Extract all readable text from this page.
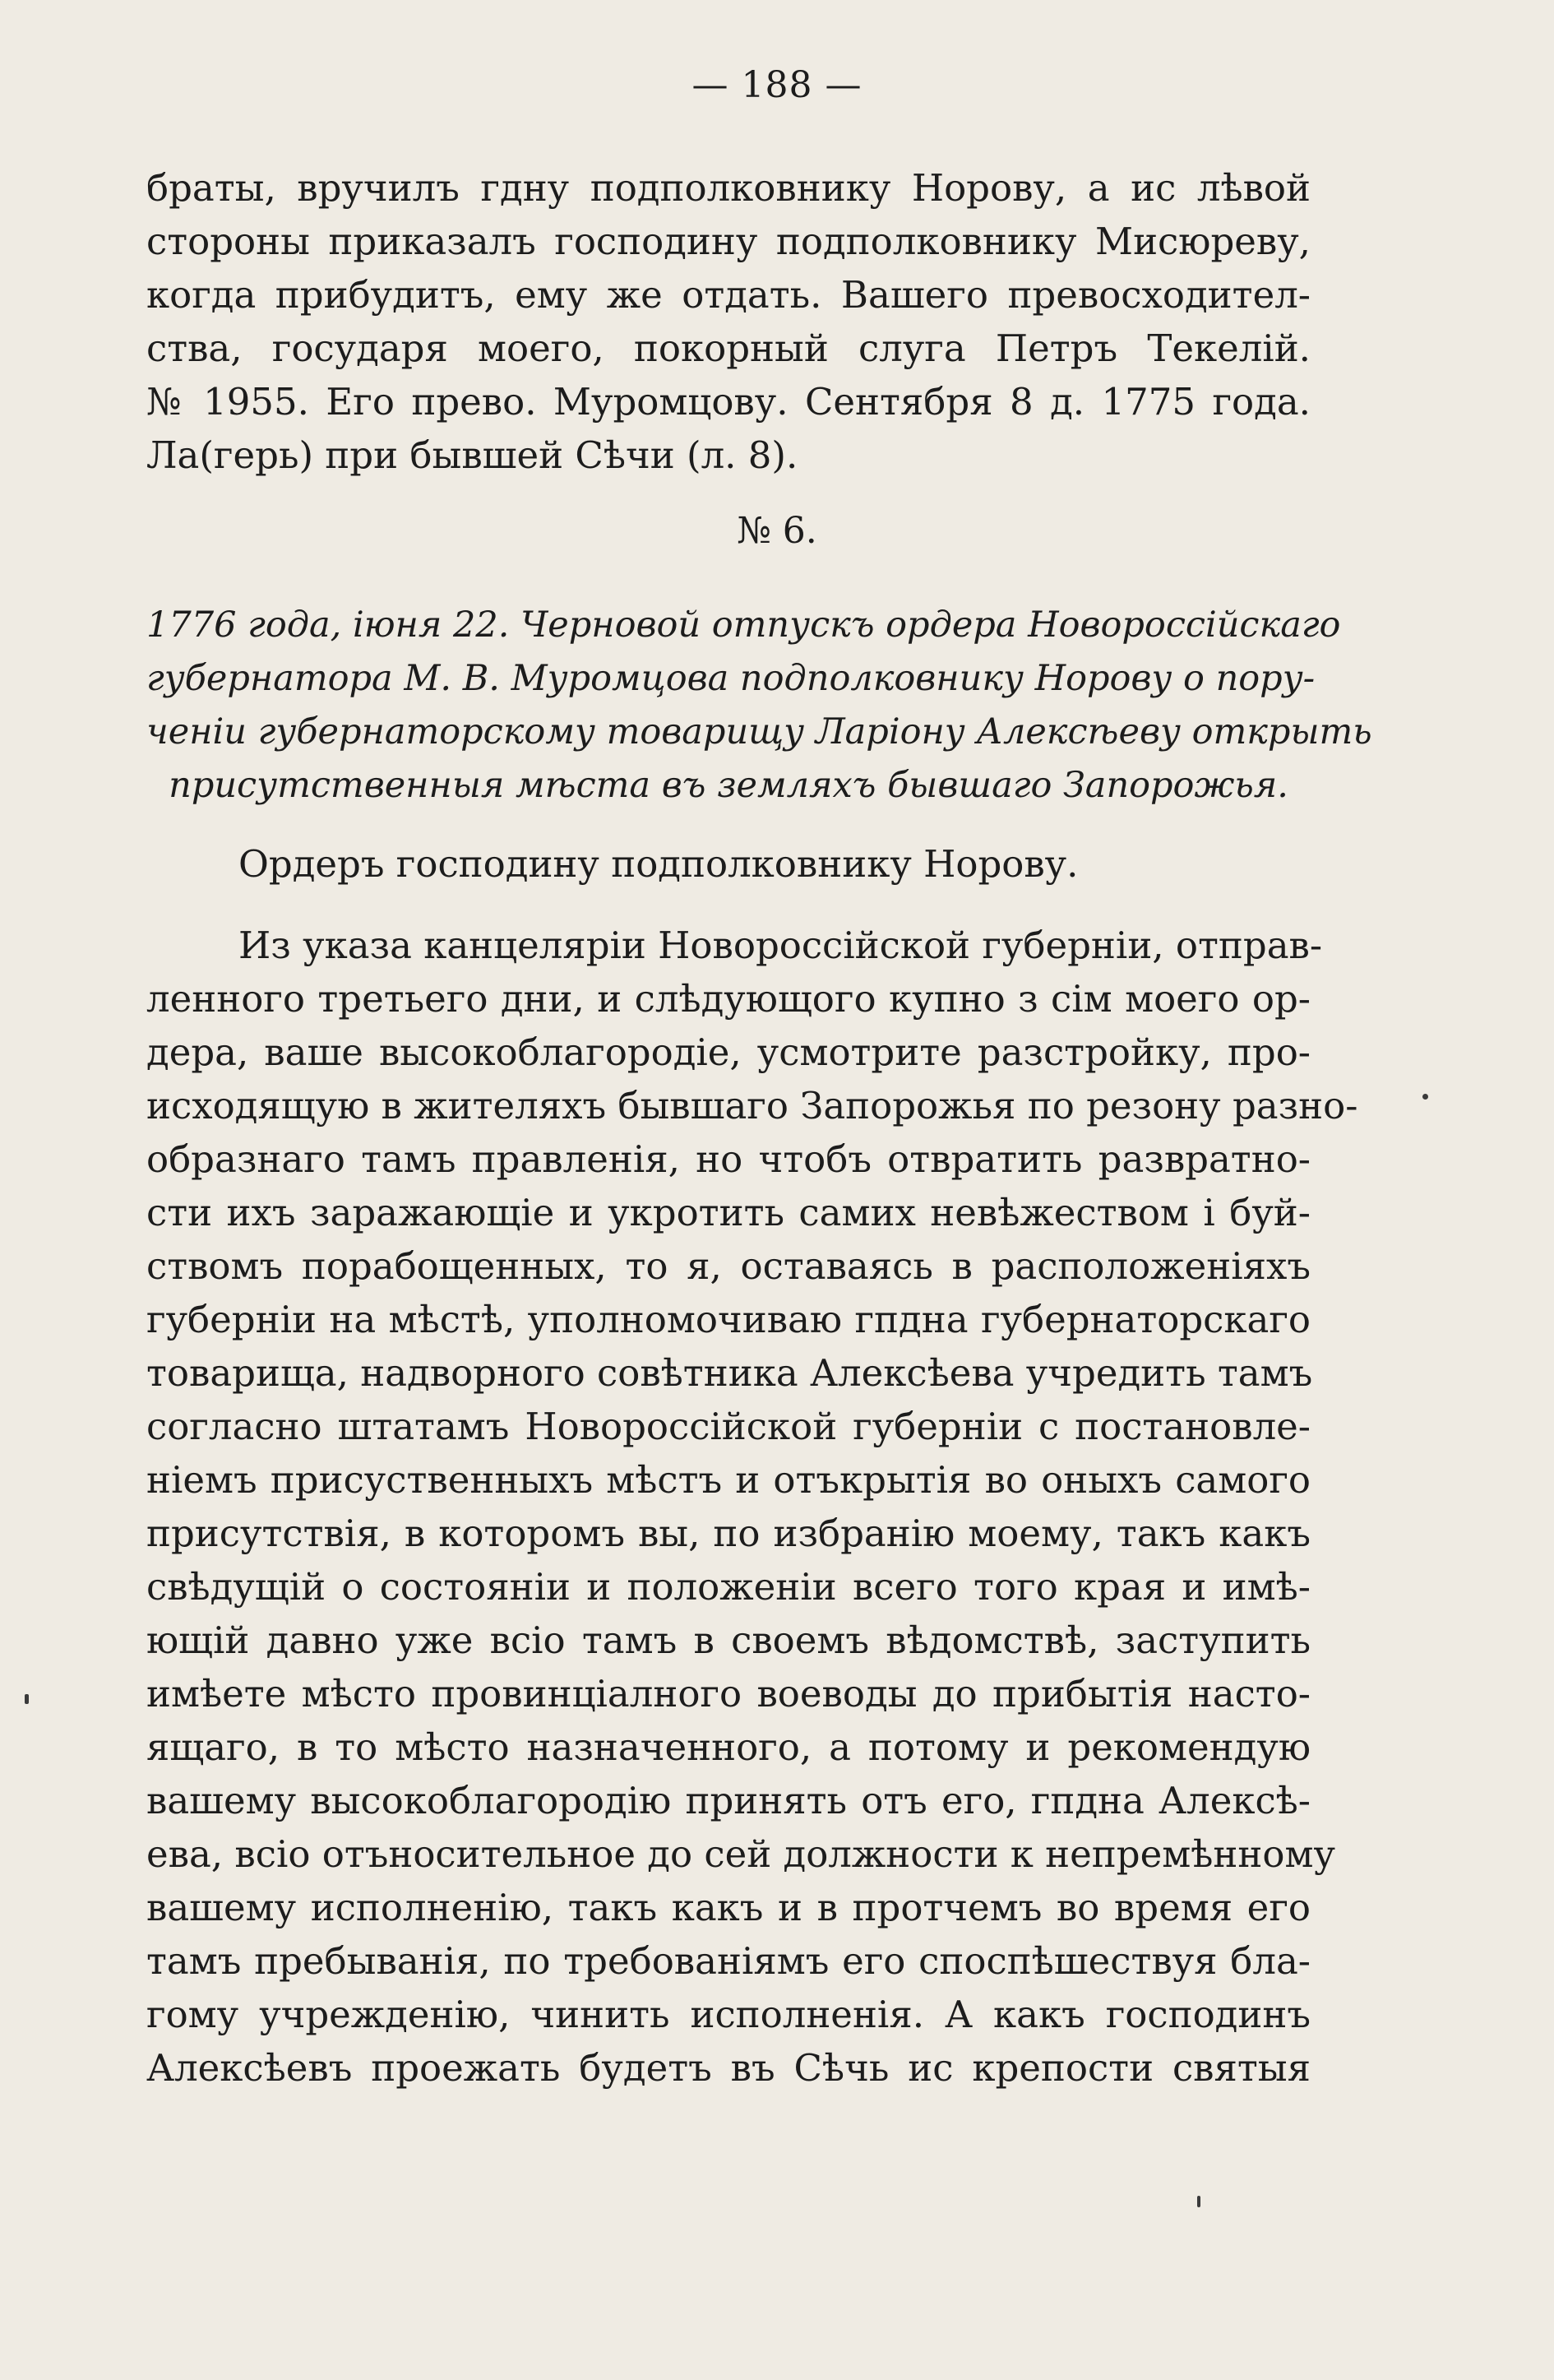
— 188 —
браты, вручилъ гдну подполковнику Норову, а ис лѣвой
стороны приказалъ господину подполковнику Мисюреву,
когда прибудитъ, ему же отдать. Вашего превосходител-
ства, государя моего, покорный слуга Петръ Текелій.
№ 1955. Его прево. Муромцову. Сентября 8 д. 1775 года.
Ла(герь) при бывшей Сѣчи (л. 8).
№ 6.
1776 года, іюня 22. Черновой отпускъ ордера Новороссійскаго
губернатора М. В. Муромцова подполковнику Норову о пору-
ченіи губернаторскому товарищу Ларіону Алексѣеву открыть
присутственныя мѣста въ земляхъ бывшаго Запорожья.
Ордеръ господину подполковнику Норову.
Из указа канцеляріи Новороссійской губерніи, отправ-
ленного третьего дни, и слѣдующого купно з сім моего ор-
дера, ваше высокоблагородіе, усмотрите разстройку, про-
исходящую в жителяхъ бывшаго Запорожья по резону разно-
образнаго тамъ правленія, но чтобъ отвратить развратно-
сти ихъ заражающіе и укротить самих невѣжеством і буй-
ствомъ порабощенных, то я, оставаясь в расположеніяхъ
губерніи на мѣстѣ, уполномочиваю гпдна губернаторскаго
товарища, надворного совѣтника Алексѣева учредить тамъ
согласно штатамъ Новороссійской губерніи с постановле-
ніемъ присуственныхъ мѣстъ и отъкрытія во оныхъ самого
присутствія, в которомъ вы, по избранію моему, такъ какъ
свѣдущій о состояніи и положеніи всего того края и имѣ-
ющій давно уже всіо тамъ в своемъ вѣдомствѣ, заступить
имѣете мѣсто провинціалного воеводы до прибытія насто-
ящаго, в то мѣсто назначенного, а потому и рекомендую
вашему высокоблагородію принять отъ его, гпдна Алексѣ-
ева, всіо отъносительное до сей должности к непремѣнному
вашему исполненію, такъ какъ и в протчемъ во время его
тамъ пребыванія, по требованіямъ его споспѣшествуя бла-
гому учрежденію, чинить исполненія. А какъ господинъ
Алексѣевъ проежать будетъ въ Сѣчь ис крепости святыя
